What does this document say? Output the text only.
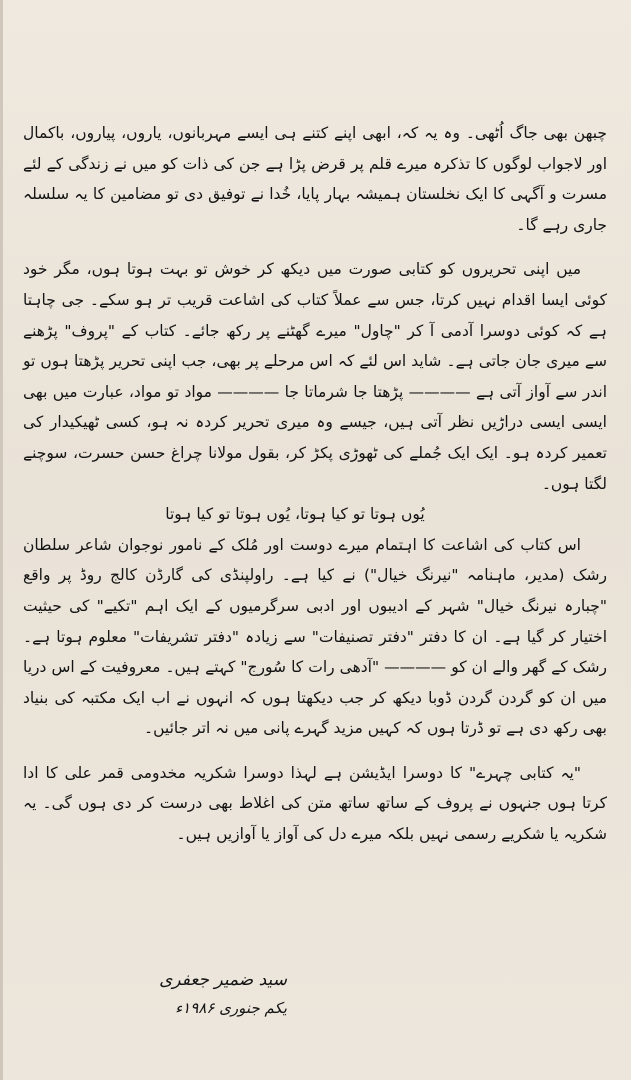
چبھن بھی جاگ اُٹھی۔ وہ یہ کہ، ابھی اپنے کتنے ہی ایسے مہربانوں، یاروں، پیاروں، باکمال اور لاجواب لوگوں کا تذکرہ میرے قلم پر قرض پڑا ہے جن کی ذات کو میں نے زندگی کے لئے مسرت و آگہی کا ایک نخلستان ہمیشہ بہار پایا، خُدا نے توفیق دی تو مضامین کا یہ سلسلہ جاری رہے گا۔

میں اپنی تحریروں کو کتابی صورت میں دیکھ کر خوش تو بہت ہوتا ہوں، مگر خود کوئی ایسا اقدام نہیں کرتا، جس سے عملاً کتاب کی اشاعت قریب تر ہو سکے۔ جی چاہتا ہے کہ کوئی دوسرا آدمی آ کر "چاول" میرے گھٹنے پر رکھ جائے۔ کتاب کے "پروف" پڑھنے سے میری جان جاتی ہے۔ شاید اس لئے کہ اس مرحلے پر بھی، جب اپنی تحریر پڑھتا ہوں تو اندر سے آواز آتی ہے ———— پڑھتا جا شرماتا جا ———— مواد تو مواد، عبارت میں بھی ایسی ایسی دراڑیں نظر آتی ہیں، جیسے وہ میری تحریر کردہ نہ ہو، کسی ٹھیکیدار کی تعمیر کردہ ہو۔ ایک ایک جُملے کی ٹھوڑی پکڑ کر، بقول مولانا چراغ حسن حسرت، سوچنے لگتا ہوں۔

یُوں ہوتا تو کیا ہوتا، یُوں ہوتا تو کیا ہوتا

اس کتاب کی اشاعت کا اہتمام میرے دوست اور مُلک کے نامور نوجوان شاعر سلطان رشک (مدیر، ماہنامہ "نیرنگ خیال") نے کیا ہے۔ راولپنڈی کی گارڈن کالج روڈ پر واقع "چبارہ نیرنگ خیال" شہر کے ادیبوں اور ادبی سرگرمیوں کے ایک اہم "تکیے" کی حیثیت اختیار کر گیا ہے۔ ان کا دفتر "دفتر تصنیفات" سے زیادہ "دفتر تشریفات" معلوم ہوتا ہے۔ رشک کے گھر والے ان کو ———— "آدھی رات کا سُورج" کہتے ہیں۔ معروفیت کے اس دریا میں ان کو گردن گردن ڈوبا دیکھ کر جب دیکھتا ہوں کہ انہوں نے اب ایک مکتبہ کی بنیاد بھی رکھ دی ہے تو ڈرتا ہوں کہ کہیں مزید گہرے پانی میں نہ اتر جائیں۔

"یہ کتابی چہرے" کا دوسرا ایڈیشن ہے لہذا دوسرا شکریہ مخدومی قمر علی کا ادا کرتا ہوں جنہوں نے پروف کے ساتھ ساتھ متن کی اغلاط بھی درست کر دی ہوں گی۔ یہ شکریہ یا شکریے رسمی نہیں بلکہ میرے دل کی آواز یا آوازیں ہیں۔

سید ضمیر جعفری
یکم جنوری ۱۹۸۶ء
